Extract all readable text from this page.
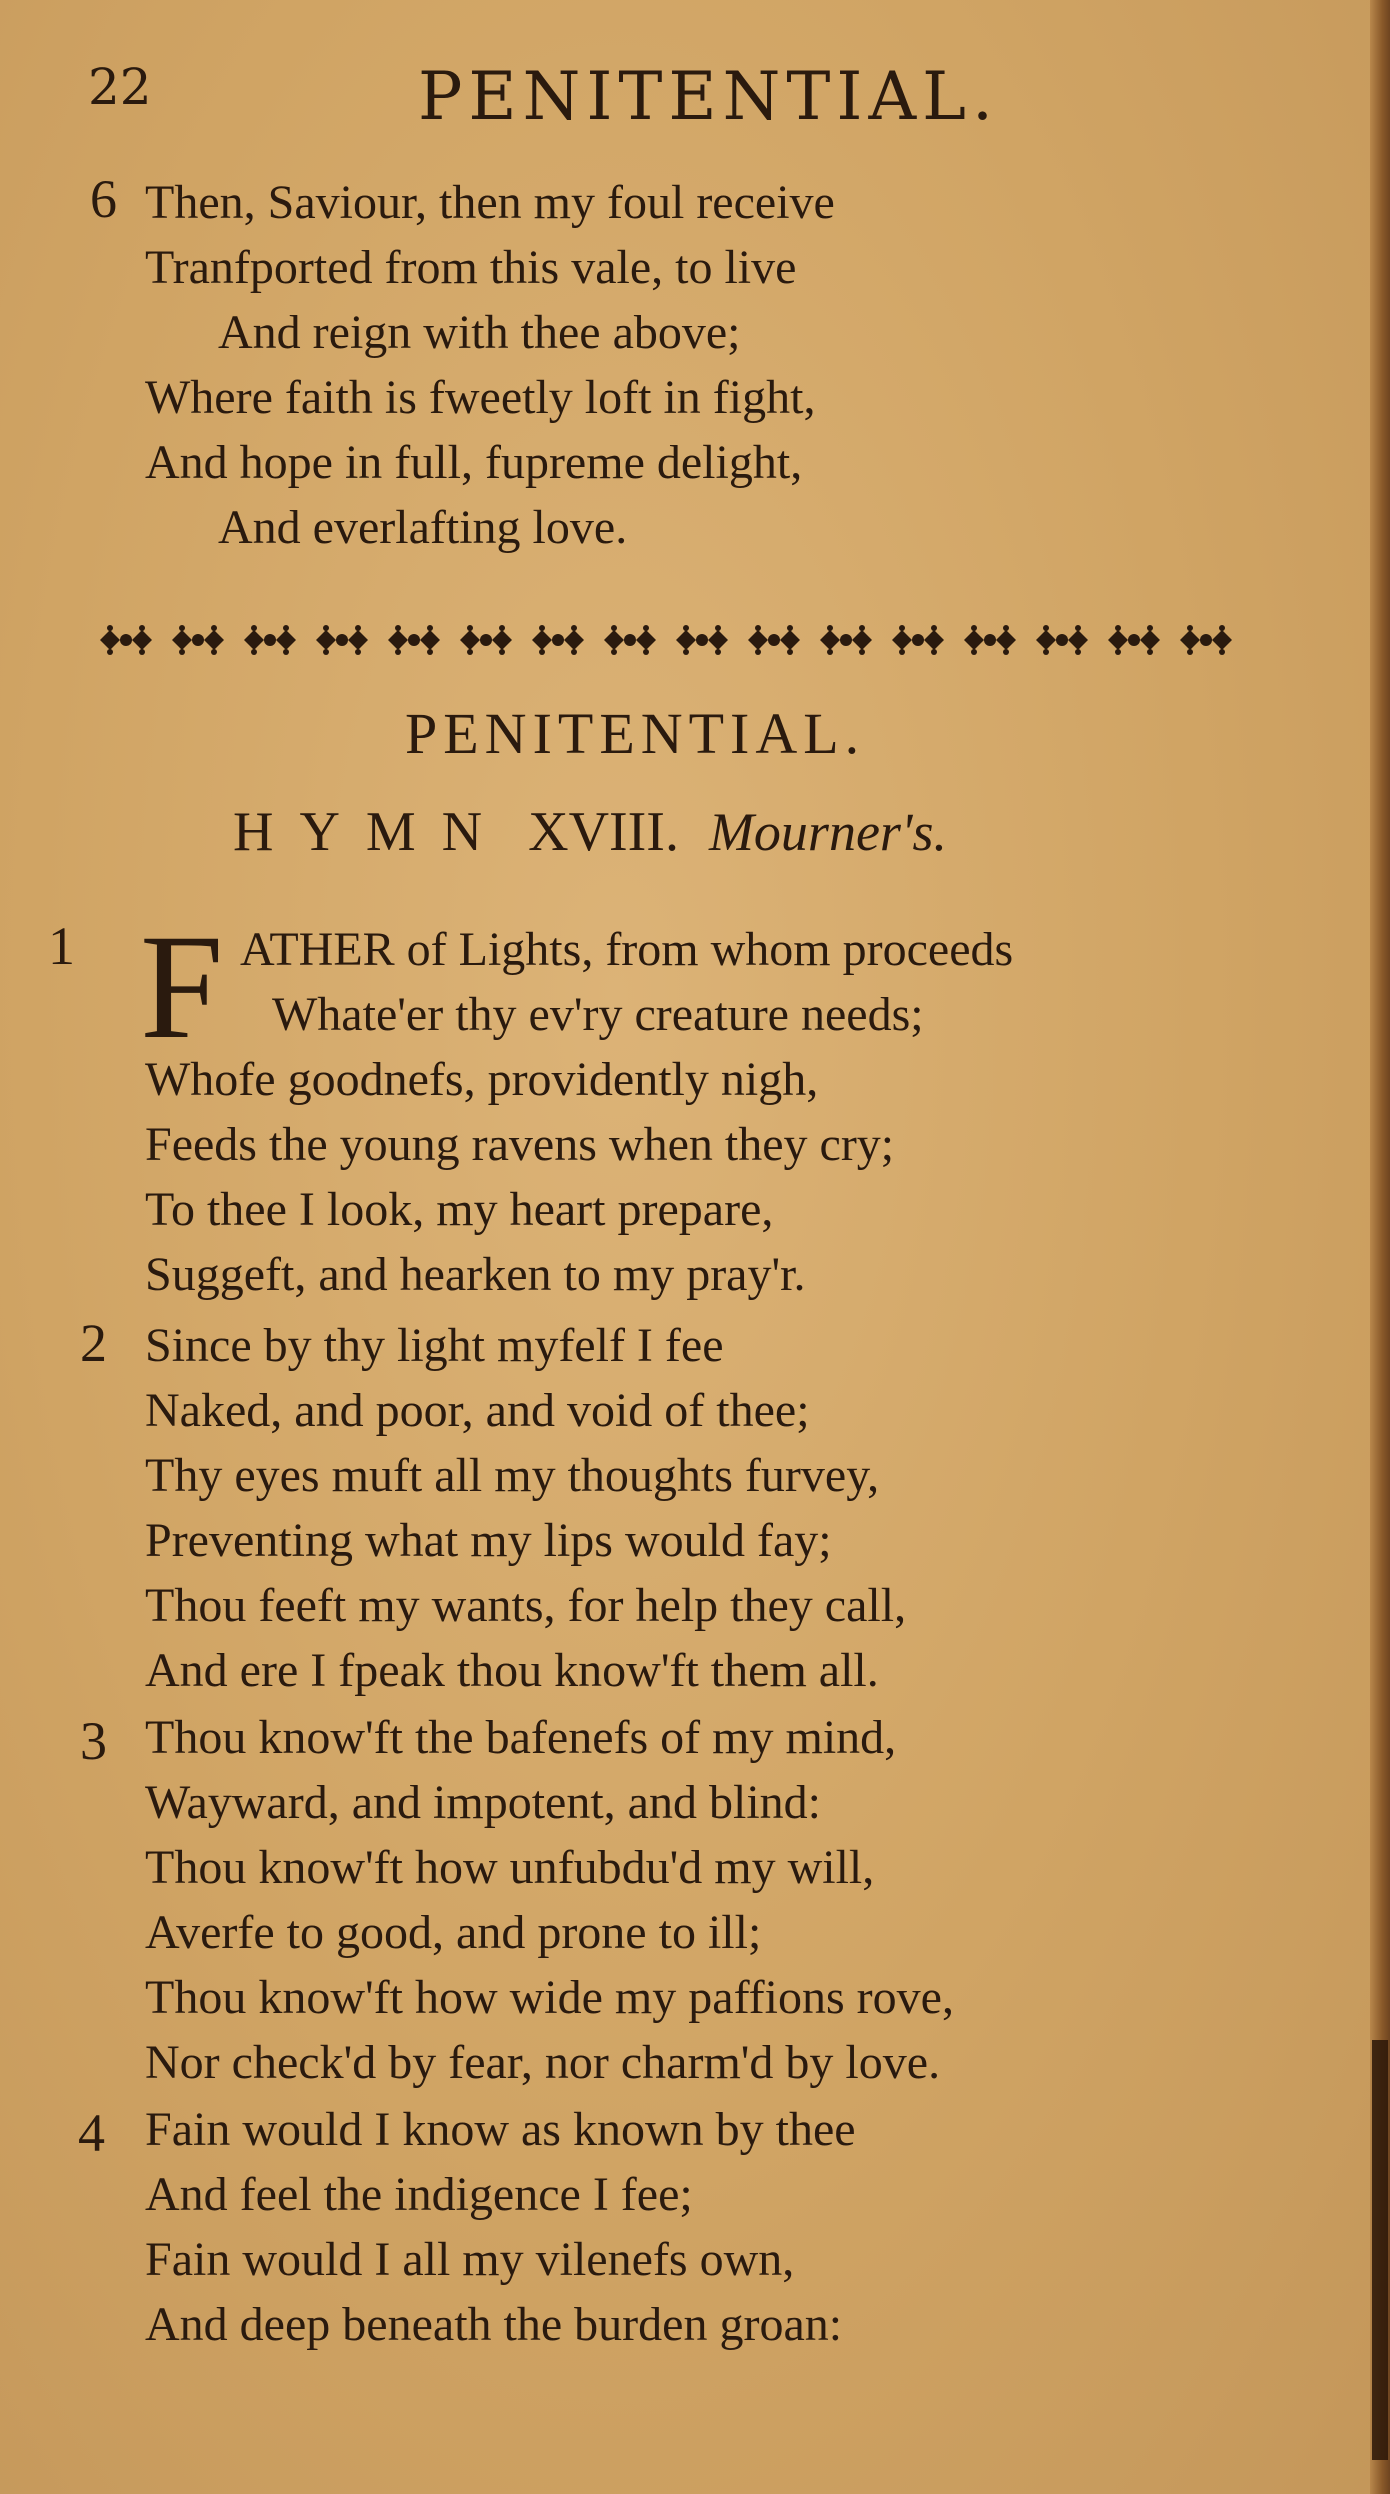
22	PENITENTIAL.
6 Then, Saviour, then my foul receive
Tranfported from this vale, to live
And reign with thee above;
Where faith is fweetly loft in fight,
And hope in full, fupreme delight,
And everlafting love.
PENITENTIAL.
HYMN XVIII. Mourner's.
1 F ATHER of Lights, from whom proceeds
Whate'er thy ev'ry creature needs;
Whofe goodnefs, providently nigh,
Feeds the young ravens when they cry;
To thee I look, my heart prepare,
Suggeft, and hearken to my pray'r.
2 Since by thy light myfelf I fee
Naked, and poor, and void of thee;
Thy eyes muft all my thoughts furvey,
Preventing what my lips would fay;
Thou feeft my wants, for help they call,
And ere I fpeak thou know'ft them all.
3 Thou know'ft the bafenefs of my mind,
Wayward, and impotent, and blind:
Thou know'ft how unfubdu'd my will,
Averfe to good, and prone to ill;
Thou know'ft how wide my paffions rove,
Nor check'd by fear, nor charm'd by love.
4 Fain would I know as known by thee
And feel the indigence I fee;
Fain would I all my vilenefs own,
And deep beneath the burden groan:
